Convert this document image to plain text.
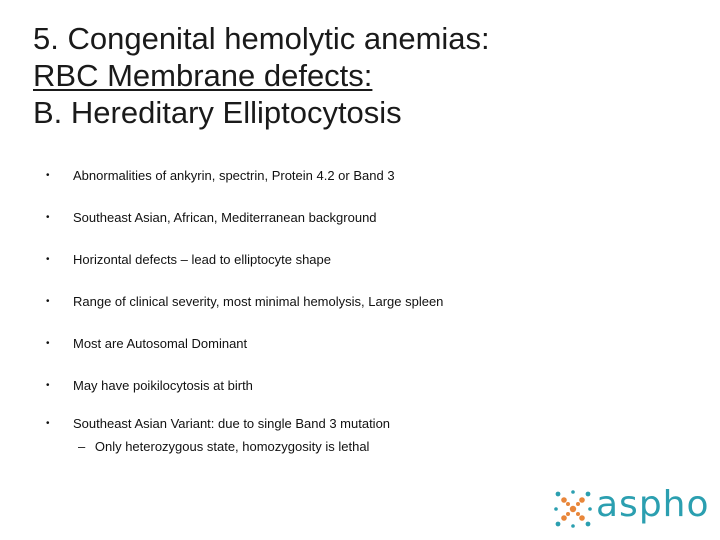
5. Congenital hemolytic anemias:
RBC Membrane defects:
B. Hereditary Elliptocytosis
• Abnormalities of ankyrin, spectrin, Protein 4.2 or Band 3
• Southeast Asian, African, Mediterranean background
• Horizontal defects – lead to elliptocyte shape
• Range of clinical severity, most minimal hemolysis, Large spleen
• Most are Autosomal Dominant
• May have poikilocytosis at birth
• Southeast Asian Variant: due to single Band 3 mutation
– Only heterozygous state, homozygosity is lethal
aspho
